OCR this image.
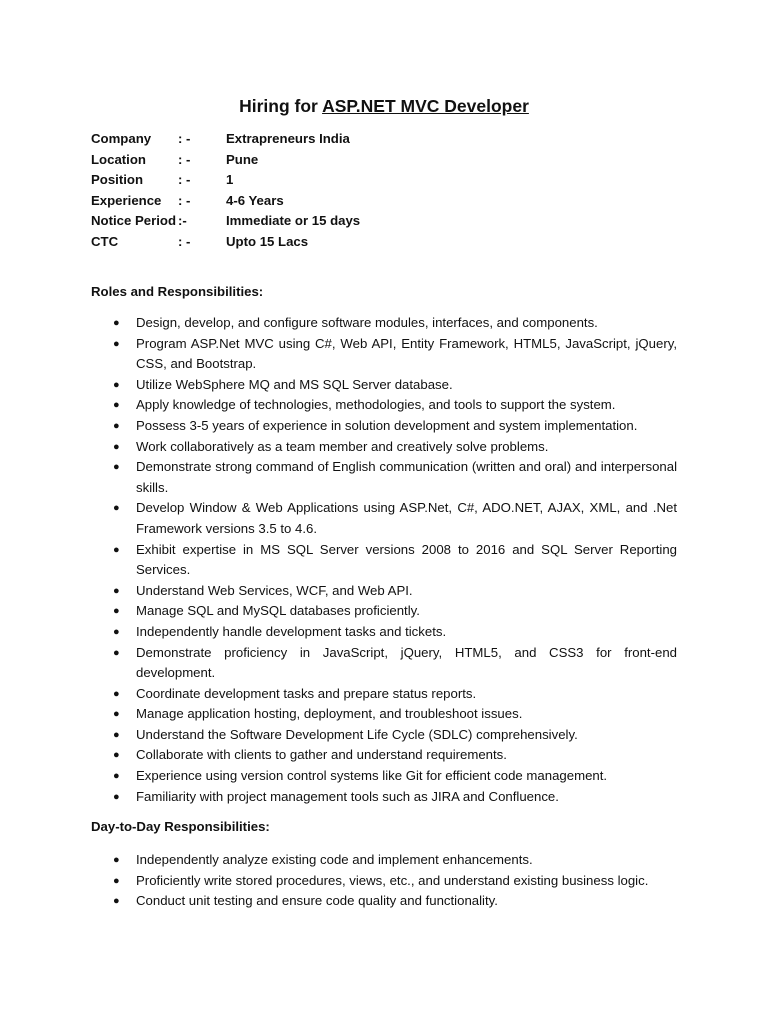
Hiring for ASP.NET MVC Developer
Company	: -	Extrapreneurs India
Location	: -	Pune
Position	: -	1
Experience	: -	4-6 Years
Notice Period :-	Immediate or 15 days
CTC	: -	Upto 15 Lacs
Roles and Responsibilities:
● Design, develop, and configure software modules, interfaces, and components.
● Program ASP.Net MVC using C#, Web API, Entity Framework, HTML5, JavaScript, jQuery, CSS, and Bootstrap.
● Utilize WebSphere MQ and MS SQL Server database.
● Apply knowledge of technologies, methodologies, and tools to support the system.
● Possess 3-5 years of experience in solution development and system implementation.
● Work collaboratively as a team member and creatively solve problems.
● Demonstrate strong command of English communication (written and oral) and interpersonal skills.
● Develop Window & Web Applications using ASP.Net, C#, ADO.NET, AJAX, XML, and .Net Framework versions 3.5 to 4.6.
● Exhibit expertise in MS SQL Server versions 2008 to 2016 and SQL Server Reporting Services.
● Understand Web Services, WCF, and Web API.
● Manage SQL and MySQL databases proficiently.
● Independently handle development tasks and tickets.
● Demonstrate proficiency in JavaScript, jQuery, HTML5, and CSS3 for front-end development.
● Coordinate development tasks and prepare status reports.
● Manage application hosting, deployment, and troubleshoot issues.
● Understand the Software Development Life Cycle (SDLC) comprehensively.
● Collaborate with clients to gather and understand requirements.
● Experience using version control systems like Git for efficient code management.
● Familiarity with project management tools such as JIRA and Confluence.
Day-to-Day Responsibilities:
● Independently analyze existing code and implement enhancements.
● Proficiently write stored procedures, views, etc., and understand existing business logic.
● Conduct unit testing and ensure code quality and functionality.
